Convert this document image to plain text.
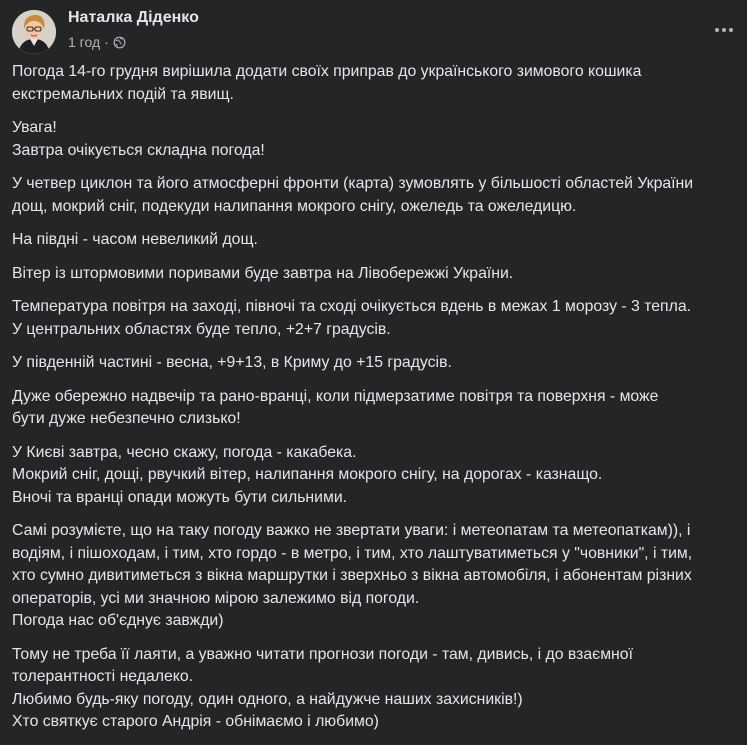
Наталка Діденко
1 год ·

Погода 14-го грудня вирішила додати своїх приправ до українського зимового кошика
екстремальних подій та явищ.

Увага!
Завтра очікується складна погода!

У четвер циклон та його атмосферні фронти (карта) зумовлять у більшості областей України
дощ, мокрий сніг, подекуди налипання мокрого снігу, ожеледь та ожеледицю.

На півдні - часом невеликий дощ.

Вітер із штормовими поривами буде завтра на Лівобережжі України.

Температура повітря на заході, півночі та сході очікується вдень в межах 1 морозу - 3 тепла.
У центральних областях буде тепло, +2+7 градусів.

У південній частині - весна, +9+13, в Криму до +15 градусів.

Дуже обережно надвечір та рано-вранці, коли підмерзатиме повітря та поверхня - може
бути дуже небезпечно слизько!

У Києві завтра, чесно скажу, погода - какабека.
Мокрий сніг, дощі, рвучкий вітер, налипання мокрого снігу, на дорогах - казнащо.
Вночі та вранці опади можуть бути сильними.

Самі розумієте, що на таку погоду важко не звертати уваги: і метеопатам та метеопаткам)), і
водіям, і пішоходам, і тим, хто гордо - в метро, і тим, хто лаштуватиметься у "човники", і тим,
хто сумно дивитиметься з вікна маршрутки і зверхньо з вікна автомобіля, і абонентам різних
операторів, усі ми значною мірою залежимо від погоди.
Погода нас об'єднує завжди)

Тому не треба її лаяти, а уважно читати прогнози погоди - там, дивись, і до взаємної
толерантності недалеко.
Любимо будь-яку погоду, один одного, а найдужче наших захисників!)
Хто святкує старого Андрія - обнімаємо і любимо)
